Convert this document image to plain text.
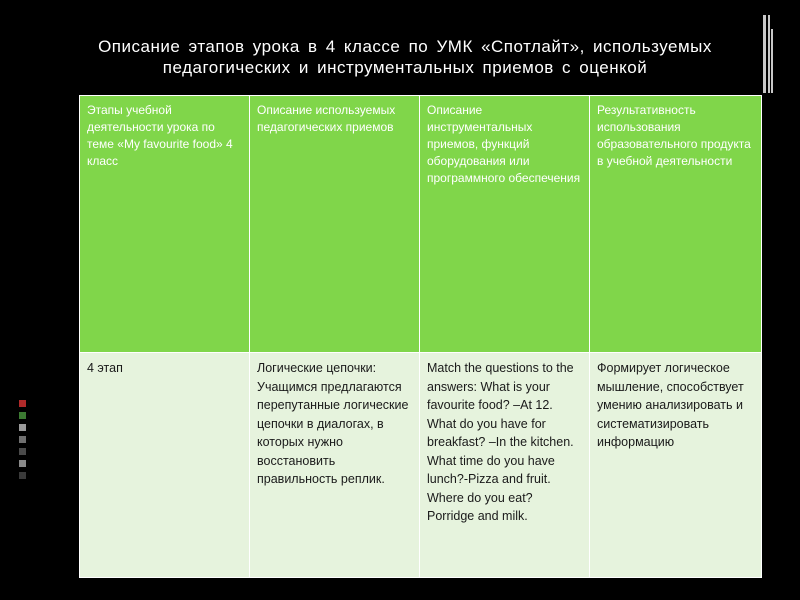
Описание этапов урока в 4 классе по УМК «Спотлайт», используемых
педагогических и инструментальных приемов с оценкой
Этапы учебной деятельности урока по теме «My favourite food» 4 класс	Описание используемых педагогических приемов	Описание инструментальных приемов, функций оборудования или программного обеспечения	Результативность использования образовательного продукта в учебной деятельности
4 этап	Логические цепочки: Учащимся предлагаются перепутанные логические цепочки в диалогах, в которых нужно восстановить правильность реплик.	Match the questions to the answers: What is your favourite food? –At 12. What do you have for breakfast? –In the kitchen. What time do you have lunch?-Pizza and fruit. Where do you eat? Porridge and milk.	Формирует логическое мышление, способствует умению анализировать и систематизировать информацию
